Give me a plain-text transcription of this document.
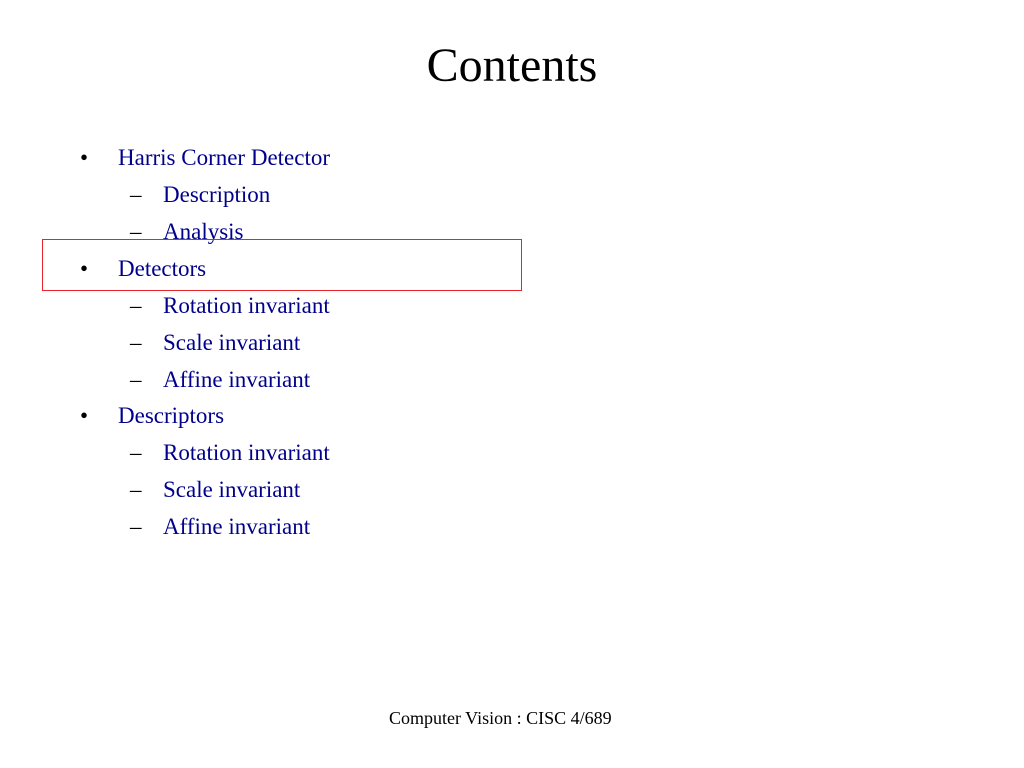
Contents
• Harris Corner Detector
– Description
– Analysis
• Detectors
– Rotation invariant
– Scale invariant
– Affine invariant
• Descriptors
– Rotation invariant
– Scale invariant
– Affine invariant
Computer Vision : CISC 4/689
